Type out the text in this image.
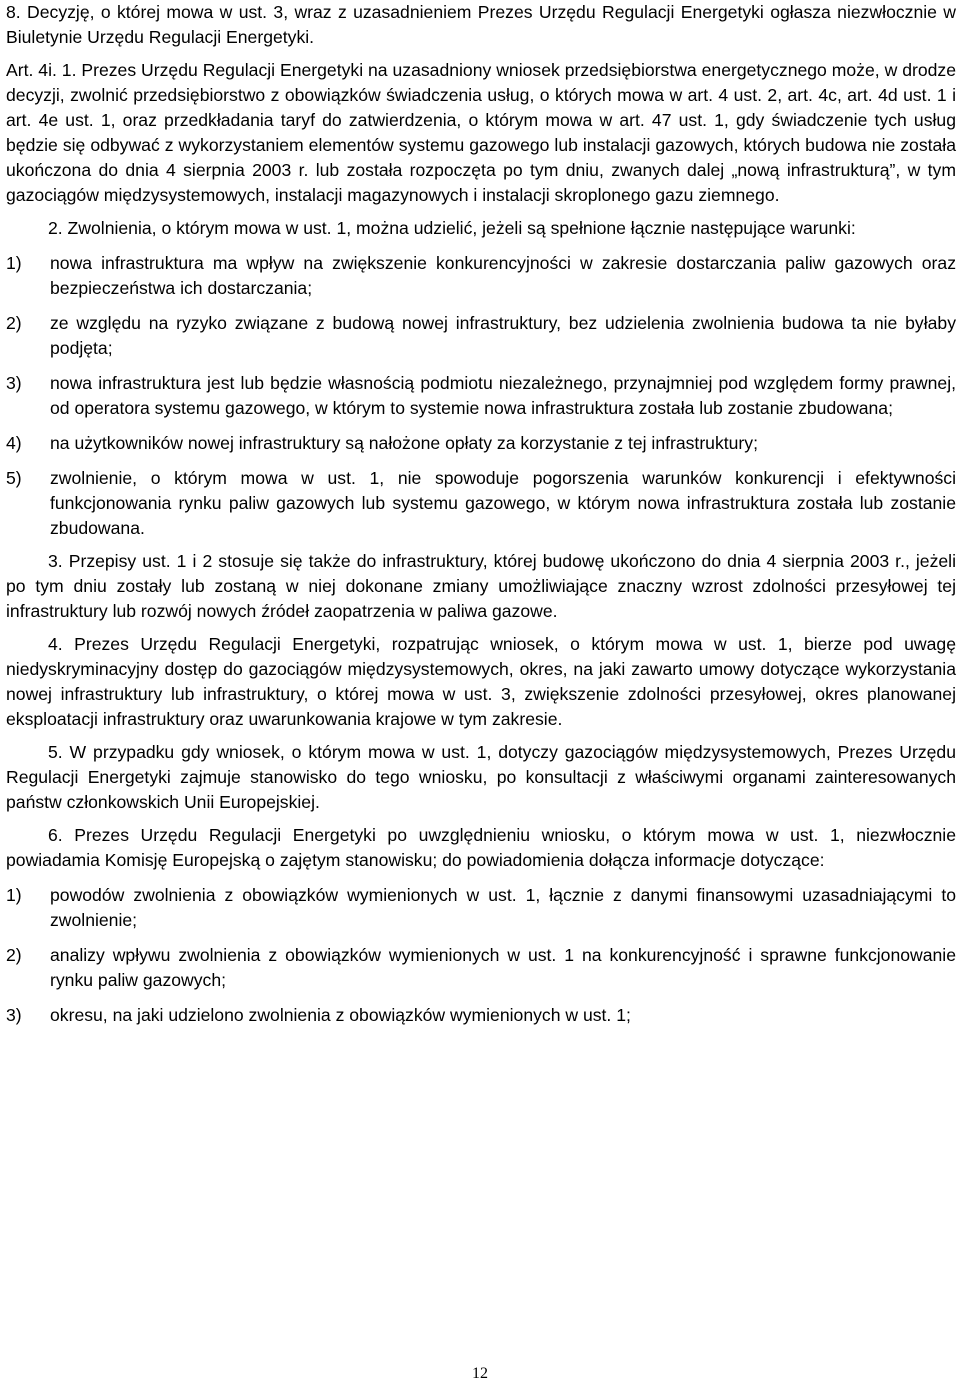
8. Decyzję, o której mowa w ust. 3, wraz z uzasadnieniem Prezes Urzędu Regulacji Energetyki ogłasza niezwłocznie w Biuletynie Urzędu Regulacji Energetyki.

Art. 4i. 1. Prezes Urzędu Regulacji Energetyki na uzasadniony wniosek przedsiębiorstwa energetycznego może, w drodze decyzji, zwolnić przedsiębiorstwo z obowiązków świadczenia usług, o których mowa w art. 4 ust. 2, art. 4c, art. 4d ust. 1 i art. 4e ust. 1, oraz przedkładania taryf do zatwierdzenia, o którym mowa w art. 47 ust. 1, gdy świadczenie tych usług będzie się odbywać z wykorzystaniem elementów systemu gazowego lub instalacji gazowych, których budowa nie została ukończona do dnia 4 sierpnia 2003 r. lub została rozpoczęta po tym dniu, zwanych dalej „nową infrastrukturą”, w tym gazociągów międzysystemowych, instalacji magazynowych i instalacji skroplonego gazu ziemnego.

2. Zwolnienia, o którym mowa w ust. 1, można udzielić, jeżeli są spełnione łącznie następujące warunki:

1)	nowa infrastruktura ma wpływ na zwiększenie konkurencyjności w zakresie dostarczania paliw gazowych oraz bezpieczeństwa ich dostarczania;
2)	ze względu na ryzyko związane z budową nowej infrastruktury, bez udzielenia zwolnienia budowa ta nie byłaby podjęta;
3)	nowa infrastruktura jest lub będzie własnością podmiotu niezależnego, przynajmniej pod względem formy prawnej, od operatora systemu gazowego, w którym to systemie nowa infrastruktura została lub zostanie zbudowana;
4)	na użytkowników nowej infrastruktury są nałożone opłaty za korzystanie z tej infrastruktury;
5)	zwolnienie, o którym mowa w ust. 1, nie spowoduje pogorszenia warunków konkurencji i efektywności funkcjonowania rynku paliw gazowych lub systemu gazowego, w którym nowa infrastruktura została lub zostanie zbudowana.

3. Przepisy ust. 1 i 2 stosuje się także do infrastruktury, której budowę ukończono do dnia 4 sierpnia 2003 r., jeżeli po tym dniu zostały lub zostaną w niej dokonane zmiany umożliwiające znaczny wzrost zdolności przesyłowej tej infrastruktury lub rozwój nowych źródeł zaopatrzenia w paliwa gazowe.

4. Prezes Urzędu Regulacji Energetyki, rozpatrując wniosek, o którym mowa w ust. 1, bierze pod uwagę niedyskryminacyjny dostęp do gazociągów międzysystemowych, okres, na jaki zawarto umowy dotyczące wykorzystania nowej infrastruktury lub infrastruktury, o której mowa w ust. 3, zwiększenie zdolności przesyłowej, okres planowanej eksploatacji infrastruktury oraz uwarunkowania krajowe w tym zakresie.

5. W przypadku gdy wniosek, o którym mowa w ust. 1, dotyczy gazociągów międzysystemowych, Prezes Urzędu Regulacji Energetyki zajmuje stanowisko do tego wniosku, po konsultacji z właściwymi organami zainteresowanych państw członkowskich Unii Europejskiej.

6. Prezes Urzędu Regulacji Energetyki po uwzględnieniu wniosku, o którym mowa w ust. 1, niezwłocznie powiadamia Komisję Europejską o zajętym stanowisku; do powiadomienia dołącza informacje dotyczące:

1)	powodów zwolnienia z obowiązków wymienionych w ust. 1, łącznie z danymi finansowymi uzasadniającymi to zwolnienie;
2)	analizy wpływu zwolnienia z obowiązków wymienionych w ust. 1 na konkurencyjność i sprawne funkcjonowanie rynku paliw gazowych;
3)	okresu, na jaki udzielono zwolnienia z obowiązków wymienionych w ust. 1;
12
